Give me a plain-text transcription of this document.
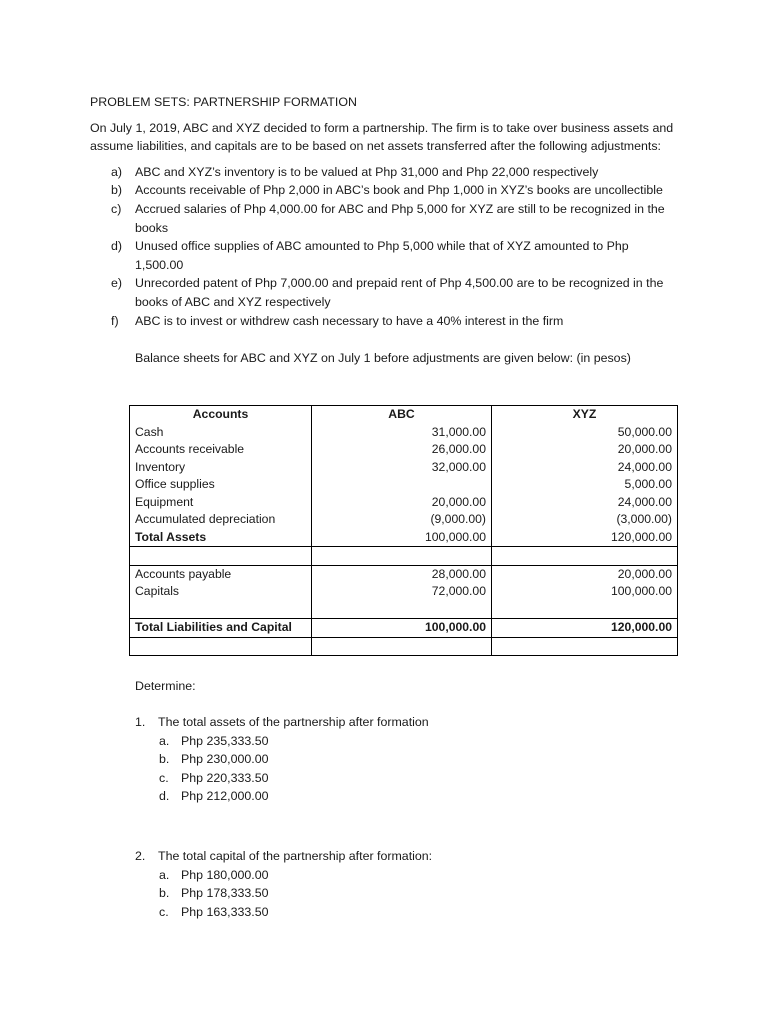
PROBLEM SETS: PARTNERSHIP FORMATION

On July 1, 2019, ABC and XYZ decided to form a partnership. The firm is to take over business assets and
assume liabilities, and capitals are to be based on net assets transferred after the following adjustments:

a) ABC and XYZ’s inventory is to be valued at Php 31,000 and Php 22,000 respectively
b) Accounts receivable of Php 2,000 in ABC’s book and Php 1,000 in XYZ’s books are uncollectible
c) Accrued salaries of Php 4,000.00 for ABC and Php 5,000 for XYZ are still to be recognized in the
books
d) Unused office supplies of ABC amounted to Php 5,000 while that of XYZ amounted to Php
1,500.00
e) Unrecorded patent of Php 7,000.00 and prepaid rent of Php 4,500.00 are to be recognized in the
books of ABC and XYZ respectively
f) ABC is to invest or withdrew cash necessary to have a 40% interest in the firm

Balance sheets for ABC and XYZ on July 1 before adjustments are given below: (in pesos)

Accounts	ABC	XYZ
Cash	31,000.00	50,000.00
Accounts receivable	26,000.00	20,000.00
Inventory	32,000.00	24,000.00
Office supplies		5,000.00
Equipment	20,000.00	24,000.00
Accumulated depreciation	(9,000.00)	(3,000.00)
Total Assets	100,000.00	120,000.00

Accounts payable	28,000.00	20,000.00
Capitals	72,000.00	100,000.00

Total Liabilities and Capital	100,000.00	120,000.00

Determine:
1. The total assets of the partnership after formation
a. Php 235,333.50
b. Php 230,000.00
c. Php 220,333.50
d. Php 212,000.00
2. The total capital of the partnership after formation:
a. Php 180,000.00
b. Php 178,333.50
c. Php 163,333.50
